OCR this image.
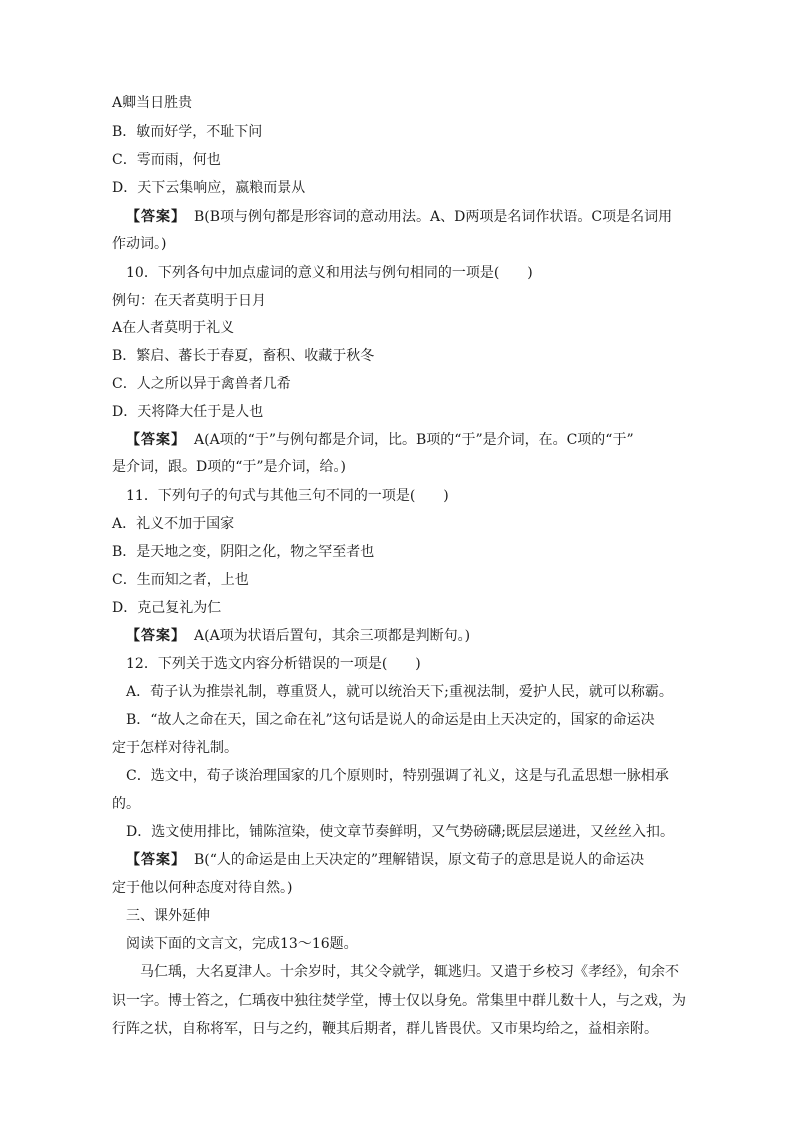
A卿当日胜贵
B．敏而好学，不耻下问
C．雩而雨，何也
D．天下云集响应，嬴粮而景从
【答案】 B(B项与例句都是形容词的意动用法。A、D两项是名词作状语。C项是名词用
作动词。)
10．下列各句中加点虚词的意义和用法与例句相同的一项是(　　)
例句：在天者莫明于日月
A在人者莫明于礼义
B．繁启、蕃长于春夏，畜积、收藏于秋冬
C．人之所以异于禽兽者几希
D．天将降大任于是人也
【答案】 A(A项的“于”与例句都是介词，比。B项的“于”是介词，在。C项的“于”
是介词，跟。D项的“于”是介词，给。)
11．下列句子的句式与其他三句不同的一项是(　　)
A．礼义不加于国家
B．是天地之变，阴阳之化，物之罕至者也
C．生而知之者，上也
D．克己复礼为仁
【答案】 A(A项为状语后置句，其余三项都是判断句。)
12．下列关于选文内容分析错误的一项是(　　)
A．荀子认为推崇礼制，尊重贤人，就可以统治天下;重视法制，爱护人民，就可以称霸。
B．“故人之命在天，国之命在礼”这句话是说人的命运是由上天决定的，国家的命运决
定于怎样对待礼制。
C．选文中，荀子谈治理国家的几个原则时，特别强调了礼义，这是与孔孟思想一脉相承
的。
D．选文使用排比，铺陈渲染，使文章节奏鲜明，又气势磅礴;既层层递进，又丝丝入扣。
【答案】 B(“人的命运是由上天决定的”理解错误，原文荀子的意思是说人的命运决
定于他以何种态度对待自然。)
三、课外延伸
阅读下面的文言文，完成13～16题。
马仁瑀，大名夏津人。十余岁时，其父令就学，辄逃归。又遣于乡校习《孝经》，旬余不识一字。博士笞之，仁瑀夜中独往焚学堂，博士仅以身免。常集里中群儿数十人，与之戏，为行阵之状，自称将军，日与之约，鞭其后期者，群儿皆畏伏。又市果均给之，益相亲附。
